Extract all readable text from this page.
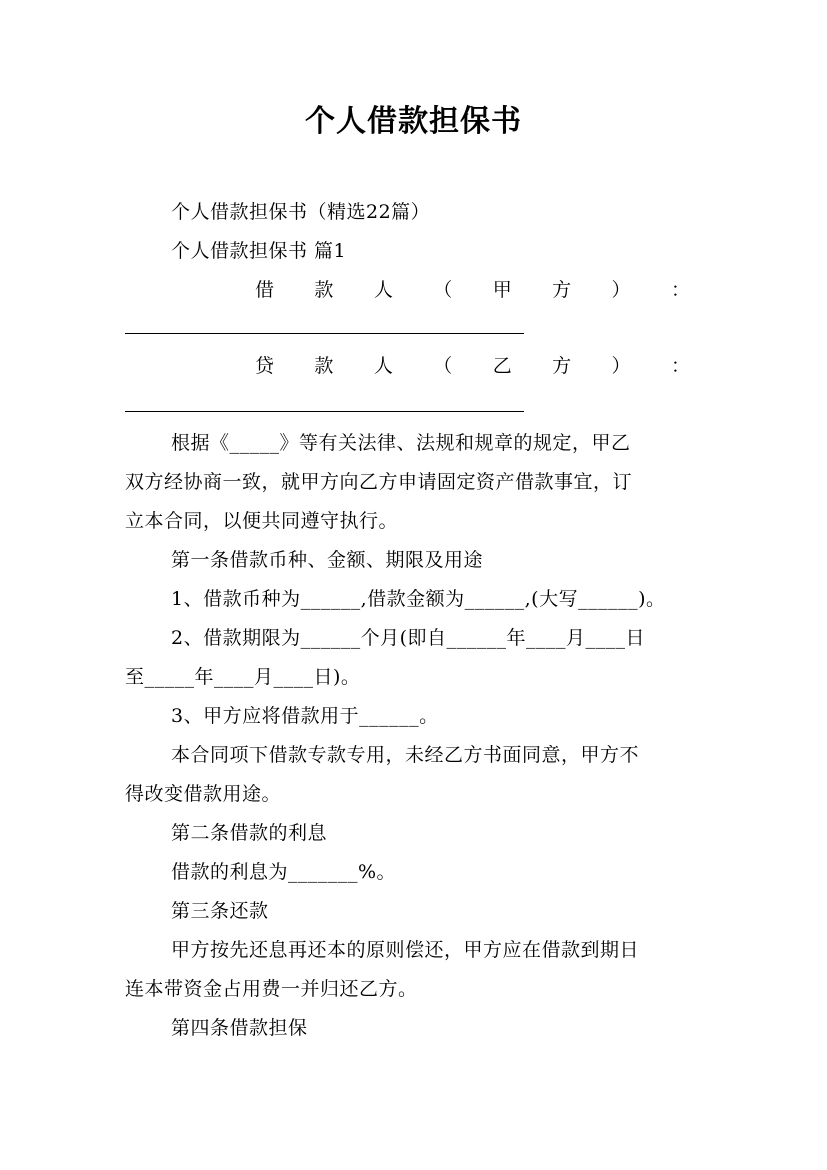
个人借款担保书
个人借款担保书（精选22篇）
个人借款担保书 篇1
借 款 人 （ 甲 方 ） ：
贷 款 人 （ 乙 方 ） ：
根据《_____》等有关法律、法规和规章的规定，甲乙
双方经协商一致，就甲方向乙方申请固定资产借款事宜，订
立本合同，以便共同遵守执行。
第一条借款币种、金额、期限及用途
1、借款币种为______,借款金额为______,(大写______)。
2、借款期限为______个月(即自______年____月____日
至_____年____月____日)。
3、甲方应将借款用于______。
本合同项下借款专款专用，未经乙方书面同意，甲方不
得改变借款用途。
第二条借款的利息
借款的利息为_______%。
第三条还款
甲方按先还息再还本的原则偿还，甲方应在借款到期日
连本带资金占用费一并归还乙方。
第四条借款担保
